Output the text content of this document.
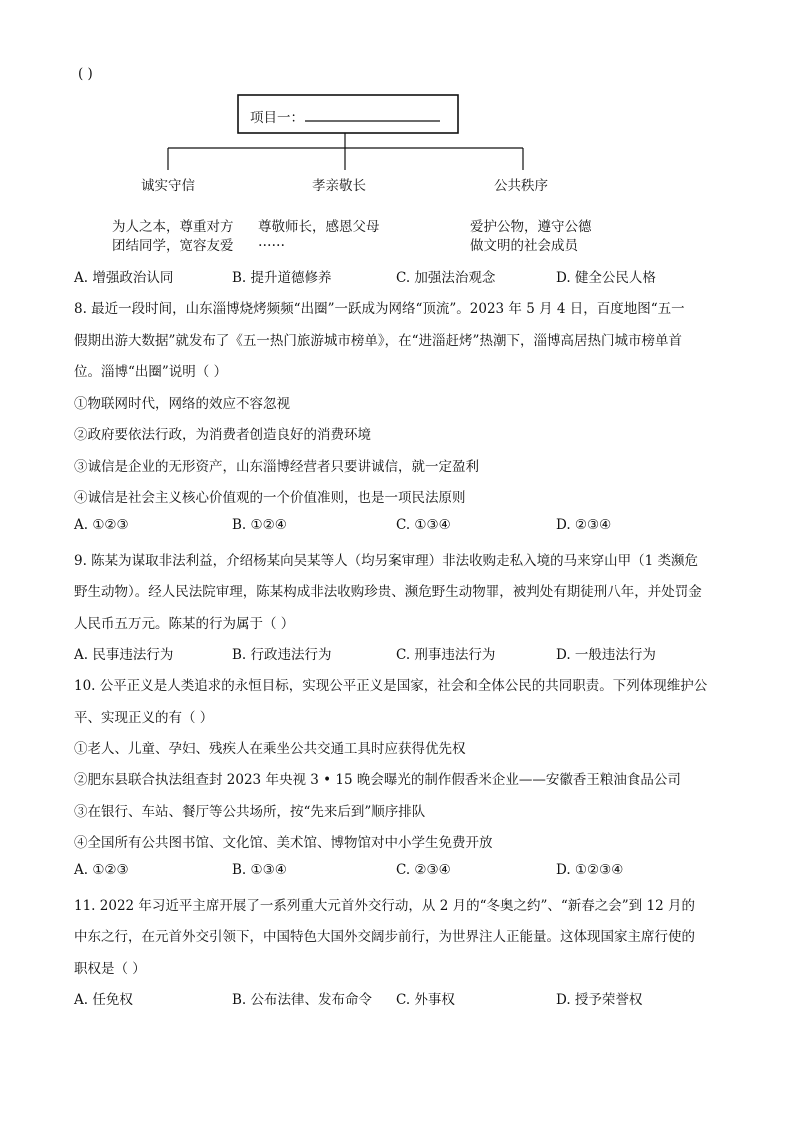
( )
项目一：
诚实守信	孝亲敬长	公共秩序
为人之本，尊重对方
团结同学，宽容友爱
尊敬师长，感恩父母
……
爱护公物，遵守公德
做文明的社会成员
A. 增强政治认同	B. 提升道德修养	C. 加强法治观念	D. 健全公民人格
8. 最近一段时间，山东淄博烧烤频频“出圈”一跃成为网络“顶流”。2023 年 5 月 4 日，百度地图“五一
假期出游大数据”就发布了《五一热门旅游城市榜单》，在“进淄赶烤”热潮下，淄博高居热门城市榜单首
位。淄博“出圈”说明（ ）
①物联网时代，网络的效应不容忽视
②政府要依法行政，为消费者创造良好的消费环境
③诚信是企业的无形资产，山东淄博经营者只要讲诚信，就一定盈利
④诚信是社会主义核心价值观的一个价值准则，也是一项民法原则
A. ①②③	B. ①②④	C. ①③④	D. ②③④
9. 陈某为谋取非法利益，介绍杨某向吴某等人（均另案审理）非法收购走私入境的马来穿山甲（1 类濒危
野生动物）。经人民法院审理，陈某构成非法收购珍贵、濒危野生动物罪，被判处有期徒刑八年，并处罚金
人民币五万元。陈某的行为属于（ ）
A. 民事违法行为	B. 行政违法行为	C. 刑事违法行为	D. 一般违法行为
10. 公平正义是人类追求的永恒目标，实现公平正义是国家，社会和全体公民的共同职责。下列体现维护公
平、实现正义的有（ ）
①老人、儿童、孕妇、残疾人在乘坐公共交通工具时应获得优先权
②肥东县联合执法组查封 2023 年央视 3 • 15 晚会曝光的制作假香米企业——安徽香王粮油食品公司
③在银行、车站、餐厅等公共场所，按“先来后到”顺序排队
④全国所有公共图书馆、文化馆、美术馆、博物馆对中小学生免费开放
A. ①②③	B. ①③④	C. ②③④	D. ①②③④
11. 2022 年习近平主席开展了一系列重大元首外交行动，从 2 月的“冬奥之约”、“新春之会”到 12 月的
中东之行，在元首外交引领下，中国特色大国外交阔步前行，为世界注人正能量。这体现国家主席行使的
职权是（ ）
A. 任免权	B. 公布法律、发布命令 C. 外事权	D. 授予荣誉权
